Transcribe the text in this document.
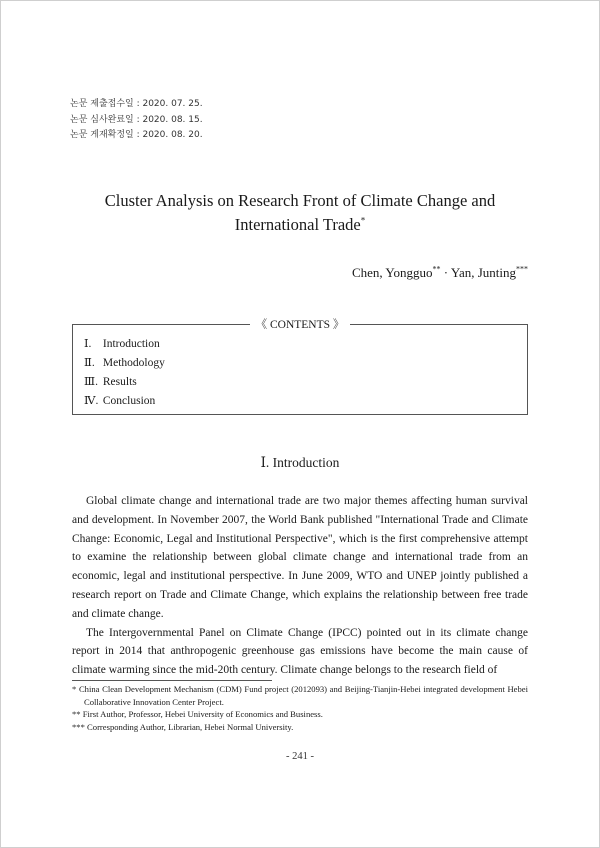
논문 제출접수일 : 2020. 07. 25.
논문 심사완료일 : 2020. 08. 15.
논문 게재확정일 : 2020. 08. 20.
Cluster Analysis on Research Front of Climate Change and
International Trade*
Chen, Yongguo** · Yan, Junting***
《 CONTENTS 》
Ⅰ. Introduction
Ⅱ. Methodology
Ⅲ. Results
Ⅳ. Conclusion
Ⅰ. Introduction

Global climate change and international trade are two major themes affecting human survival and development. In November 2007, the World Bank published "International Trade and Climate Change: Economic, Legal and Institutional Perspective", which is the first comprehensive attempt to examine the relationship between global climate change and international trade from an economic, legal and institutional perspective. In June 2009, WTO and UNEP jointly published a research report on Trade and Climate Change, which explains the relationship between free trade and climate change.

The Intergovernmental Panel on Climate Change (IPCC) pointed out in its climate change report in 2014 that anthropogenic greenhouse gas emissions have become the main cause of climate warming since the mid-20th century. Climate change belongs to the research field of

* China Clean Development Mechanism (CDM) Fund project (2012093) and Beijing-Tianjin-Hebei integrated development Hebei Collaborative Innovation Center Project.
** First Author, Professor, Hebei University of Economics and Business.
*** Corresponding Author, Librarian, Hebei Normal University.
- 241 -
